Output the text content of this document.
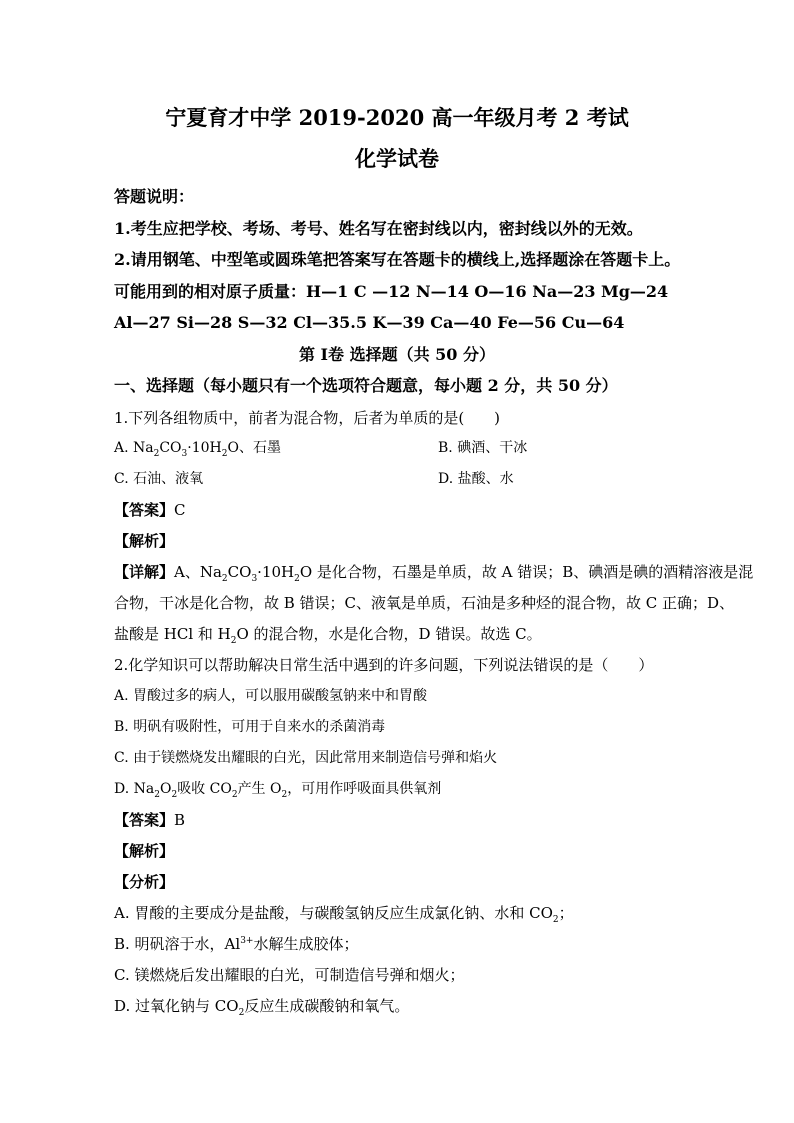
宁夏育才中学 2019-2020 高一年级月考 2 考试
化学试卷
答题说明：
1.考生应把学校、考场、考号、姓名写在密封线以内，密封线以外的无效。
2.请用钢笔、中型笔或圆珠笔把答案写在答题卡的横线上,选择题涂在答题卡上。
可能用到的相对原子质量：H—1 C —12 N—14 O—16 Na—23 Mg—24
Al—27 Si—28 S—32 Cl—35.5 K—39 Ca—40 Fe—56 Cu—64
第 Ⅰ卷 选择题（共 50 分）
一、选择题（每小题只有一个选项符合题意，每小题 2 分，共 50 分）
1.下列各组物质中，前者为混合物，后者为单质的是(　　)
A. $Na_2CO_3\cdot 10H_2O$、石墨	B. 碘酒、干冰
C. 石油、液氧	D. 盐酸、水
【答案】C
【解析】
【详解】A、$Na_2CO_3\cdot 10H_2O$ 是化合物，石墨是单质，故 A 错误；B、碘酒是碘的酒精溶液是混
合物，干冰是化合物，故 B 错误；C、液氧是单质，石油是多种烃的混合物，故 C 正确；D、
盐酸是 HCl 和 $H_2O$ 的混合物，水是化合物，D 错误。故选 C。
2.化学知识可以帮助解决日常生活中遇到的许多问题，下列说法错误的是（　　）
A. 胃酸过多的病人，可以服用碳酸氢钠来中和胃酸
B. 明矾有吸附性，可用于自来水的杀菌消毒
C. 由于镁燃烧发出耀眼的白光，因此常用来制造信号弹和焰火
D. $Na_2O_2$吸收 $CO_2$产生 $O_2$，可用作呼吸面具供氧剂
【答案】B
【解析】
【分析】
A. 胃酸的主要成分是盐酸，与碳酸氢钠反应生成氯化钠、水和 $CO_2$；
B. 明矾溶于水，$Al^{3+}$水解生成胶体；
C. 镁燃烧后发出耀眼的白光，可制造信号弹和烟火；
D. 过氧化钠与 $CO_2$反应生成碳酸钠和氧气。
